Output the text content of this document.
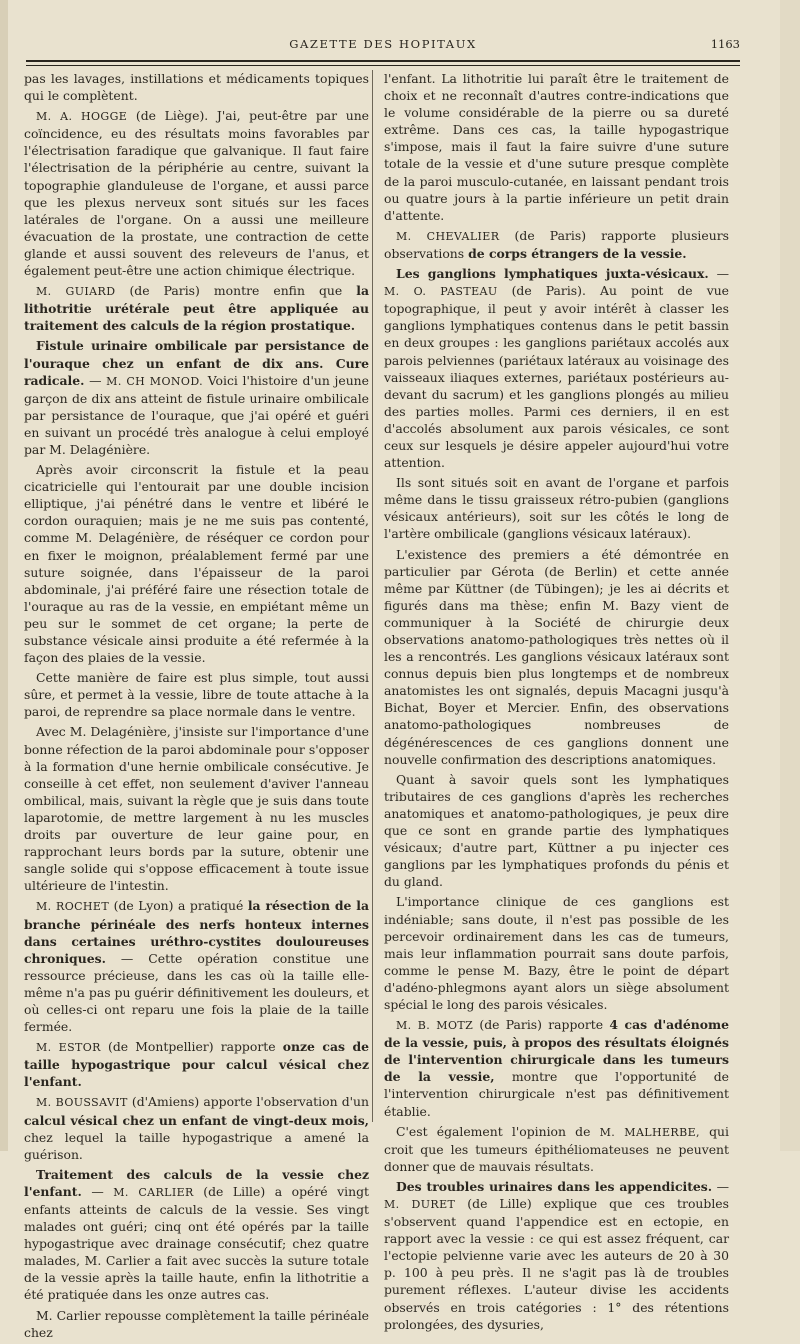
GAZETTE DES HOPITAUX	1163

pas les lavages, instillations et médicaments topiques qui le complètent.

M. A. HOGGE (de Liège). J'ai, peut-être par une coïncidence, eu des résultats moins favorables par l'électrisation faradique que galvanique. Il faut faire l'électrisation de la périphérie au centre, suivant la topographie glanduleuse de l'organe, et aussi parce que les plexus nerveux sont situés sur les faces latérales de l'organe. On a aussi une meilleure évacuation de la prostate, une contraction de cette glande et aussi souvent des releveurs de l'anus, et également peut-être une action chimique électrique.

M. GUIARD (de Paris) montre enfin que la lithotritie urétérale peut être appliquée au traitement des calculs de la région prostatique.

Fistule urinaire ombilicale par persistance de l'ouraque chez un enfant de dix ans. Cure radicale. — M. CH MONOD. Voici l'histoire d'un jeune garçon de dix ans atteint de fistule urinaire ombilicale par persistance de l'ouraque, que j'ai opéré et guéri en suivant un procédé très analogue à celui employé par M. Delagénière.

Après avoir circonscrit la fistule et la peau cicatricielle qui l'entourait par une double incision elliptique, j'ai pénétré dans le ventre et libéré le cordon ouraquien; mais je ne me suis pas contenté, comme M. Delagénière, de réséquer ce cordon pour en fixer le moignon, préalablement fermé par une suture soignée, dans l'épaisseur de la paroi abdominale, j'ai préféré faire une résection totale de l'ouraque au ras de la vessie, en empiétant même un peu sur le sommet de cet organe; la perte de substance vésicale ainsi produite a été refermée à la façon des plaies de la vessie.

Cette manière de faire est plus simple, tout aussi sûre, et permet à la vessie, libre de toute attache à la paroi, de reprendre sa place normale dans le ventre.

Avec M. Delagénière, j'insiste sur l'importance d'une bonne réfection de la paroi abdominale pour s'opposer à la formation d'une hernie ombilicale consécutive. Je conseille à cet effet, non seulement d'aviver l'anneau ombilical, mais, suivant la règle que je suis dans toute laparotomie, de mettre largement à nu les muscles droits par ouverture de leur gaine pour, en rapprochant leurs bords par la suture, obtenir une sangle solide qui s'oppose efficacement à toute issue ultérieure de l'intestin.

M. ROCHET (de Lyon) a pratiqué la résection de la branche périnéale des nerfs honteux internes dans certaines uréthro-cystites douloureuses chroniques. — Cette opération constitue une ressource précieuse, dans les cas où la taille elle-même n'a pas pu guérir définitivement les douleurs, et où celles-ci ont reparu une fois la plaie de la taille fermée.

M. ESTOR (de Montpellier) rapporte onze cas de taille hypogastrique pour calcul vésical chez l'enfant.

M. BOUSSAVIT (d'Amiens) apporte l'observation d'un calcul vésical chez un enfant de vingt-deux mois, chez lequel la taille hypogastrique a amené la guérison.

Traitement des calculs de la vessie chez l'enfant. — M. CARLIER (de Lille) a opéré vingt enfants atteints de calculs de la vessie. Ses vingt malades ont guéri; cinq ont été opérés par la taille hypogastrique avec drainage consécutif; chez quatre malades, M. Carlier a fait avec succès la suture totale de la vessie après la taille haute, enfin la lithotritie a été pratiquée dans les onze autres cas.

M. Carlier repousse complètement la taille périnéale chez

l'enfant. La lithotritie lui paraît être le traitement de choix et ne reconnaît d'autres contre-indications que le volume considérable de la pierre ou sa dureté extrême. Dans ces cas, la taille hypogastrique s'impose, mais il faut la faire suivre d'une suture totale de la vessie et d'une suture presque complète de la paroi musculo-cutanée, en laissant pendant trois ou quatre jours à la partie inférieure un petit drain d'attente.

M. CHEVALIER (de Paris) rapporte plusieurs observations de corps étrangers de la vessie.

Les ganglions lymphatiques juxta-vésicaux. — M. O. PASTEAU (de Paris). Au point de vue topographique, il peut y avoir intérêt à classer les ganglions lymphatiques contenus dans le petit bassin en deux groupes : les ganglions pariétaux accolés aux parois pelviennes (pariétaux latéraux au voisinage des vaisseaux iliaques externes, pariétaux postérieurs au-devant du sacrum) et les ganglions plongés au milieu des parties molles. Parmi ces derniers, il en est d'accolés absolument aux parois vésicales, ce sont ceux sur lesquels je désire appeler aujourd'hui votre attention.

Ils sont situés soit en avant de l'organe et parfois même dans le tissu graisseux rétro-pubien (ganglions vésicaux antérieurs), soit sur les côtés le long de l'artère ombilicale (ganglions vésicaux latéraux).

L'existence des premiers a été démontrée en particulier par Gérota (de Berlin) et cette année même par Küttner (de Tübingen); je les ai décrits et figurés dans ma thèse; enfin M. Bazy vient de communiquer à la Société de chirurgie deux observations anatomo-pathologiques très nettes où il les a rencontrés. Les ganglions vésicaux latéraux sont connus depuis bien plus longtemps et de nombreux anatomistes les ont signalés, depuis Macagni jusqu'à Bichat, Boyer et Mercier. Enfin, des observations anatomo-pathologiques nombreuses de dégénérescences de ces ganglions donnent une nouvelle confirmation des descriptions anatomiques.

Quant à savoir quels sont les lymphatiques tributaires de ces ganglions d'après les recherches anatomiques et anatomo-pathologiques, je peux dire que ce sont en grande partie des lymphatiques vésicaux; d'autre part, Küttner a pu injecter ces ganglions par les lymphatiques profonds du pénis et du gland.

L'importance clinique de ces ganglions est indéniable; sans doute, il n'est pas possible de les percevoir ordinairement dans les cas de tumeurs, mais leur inflammation pourrait sans doute parfois, comme le pense M. Bazy, être le point de départ d'adéno-phlegmons ayant alors un siège absolument spécial le long des parois vésicales.

M. B. MOTZ (de Paris) rapporte 4 cas d'adénome de la vessie, puis, à propos des résultats éloignés de l'intervention chirurgicale dans les tumeurs de la vessie, montre que l'opportunité de l'intervention chirurgicale n'est pas définitivement établie.

C'est également l'opinion de M. MALHERBE, qui croit que les tumeurs épithéliomateuses ne peuvent donner que de mauvais résultats.

Des troubles urinaires dans les appendicites. — M. DURET (de Lille) explique que ces troubles s'observent quand l'appendice est en ectopie, en rapport avec la vessie : ce qui est assez fréquent, car l'ectopie pelvienne varie avec les auteurs de 20 à 30 p. 100 à peu près. Il ne s'agit pas là de troubles purement réflexes. L'auteur divise les accidents observés en trois catégories : 1° des rétentions prolongées, des dysuries,
